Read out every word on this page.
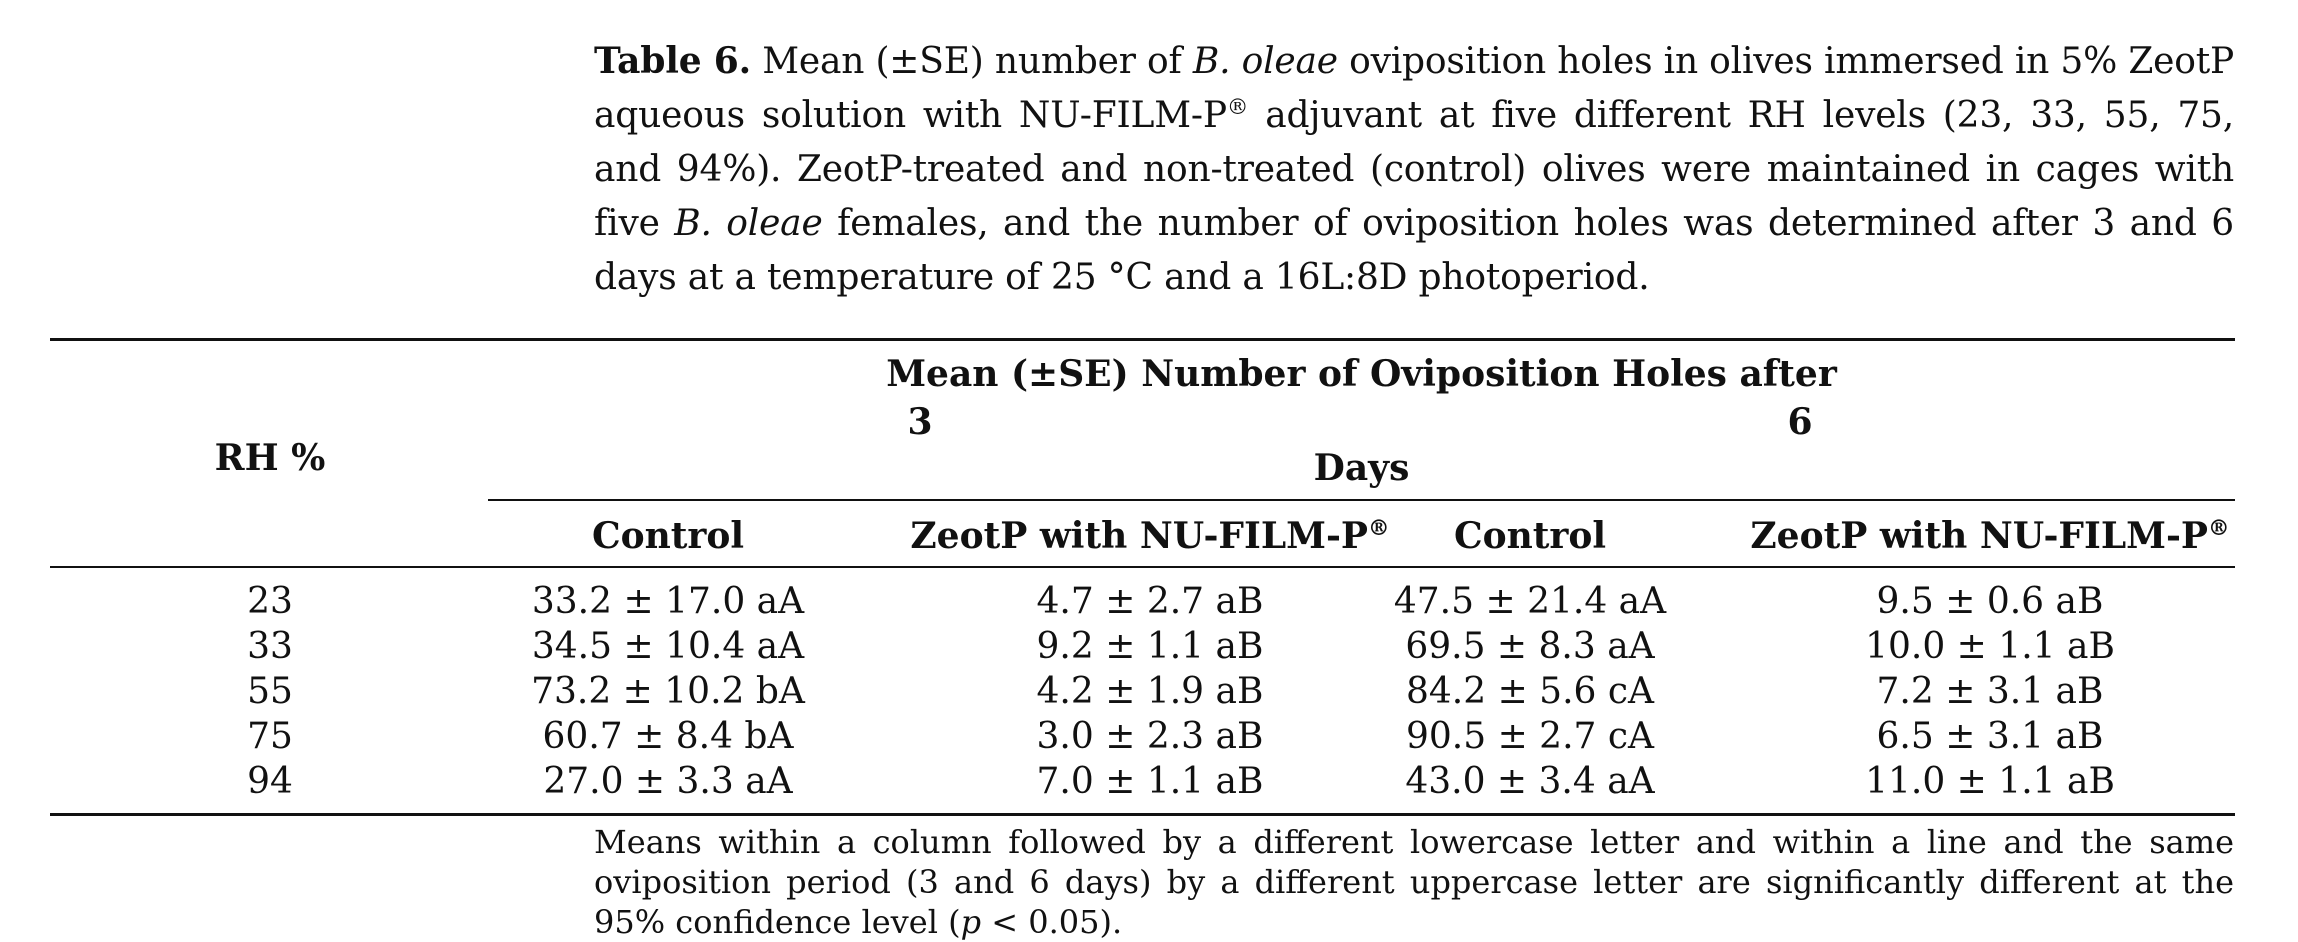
Table 6. Mean (±SE) number of B. oleae oviposition holes in olives immersed in 5% ZeotP aqueous solution with NU-FILM-P® adjuvant at five different RH levels (23, 33, 55, 75, and 94%). ZeotP-treated and non-treated (control) olives were maintained in cages with five B. oleae females, and the number of oviposition holes was determined after 3 and 6 days at a temperature of 25 °C and a 16L:8D photoperiod.
RH %
Mean (±SE) Number of Oviposition Holes after
3	6
Days
Control	ZeotP with NU-FILM-P®	Control	ZeotP with NU-FILM-P®
23	33.2 ± 17.0 aA	4.7 ± 2.7 aB	47.5 ± 21.4 aA	9.5 ± 0.6 aB
33	34.5 ± 10.4 aA	9.2 ± 1.1 aB	69.5 ± 8.3 aA	10.0 ± 1.1 aB
55	73.2 ± 10.2 bA	4.2 ± 1.9 aB	84.2 ± 5.6 cA	7.2 ± 3.1 aB
75	60.7 ± 8.4 bA	3.0 ± 2.3 aB	90.5 ± 2.7 cA	6.5 ± 3.1 aB
94	27.0 ± 3.3 aA	7.0 ± 1.1 aB	43.0 ± 3.4 aA	11.0 ± 1.1 aB
Means within a column followed by a different lowercase letter and within a line and the same oviposition period (3 and 6 days) by a different uppercase letter are significantly different at the 95% confidence level (p < 0.05).
